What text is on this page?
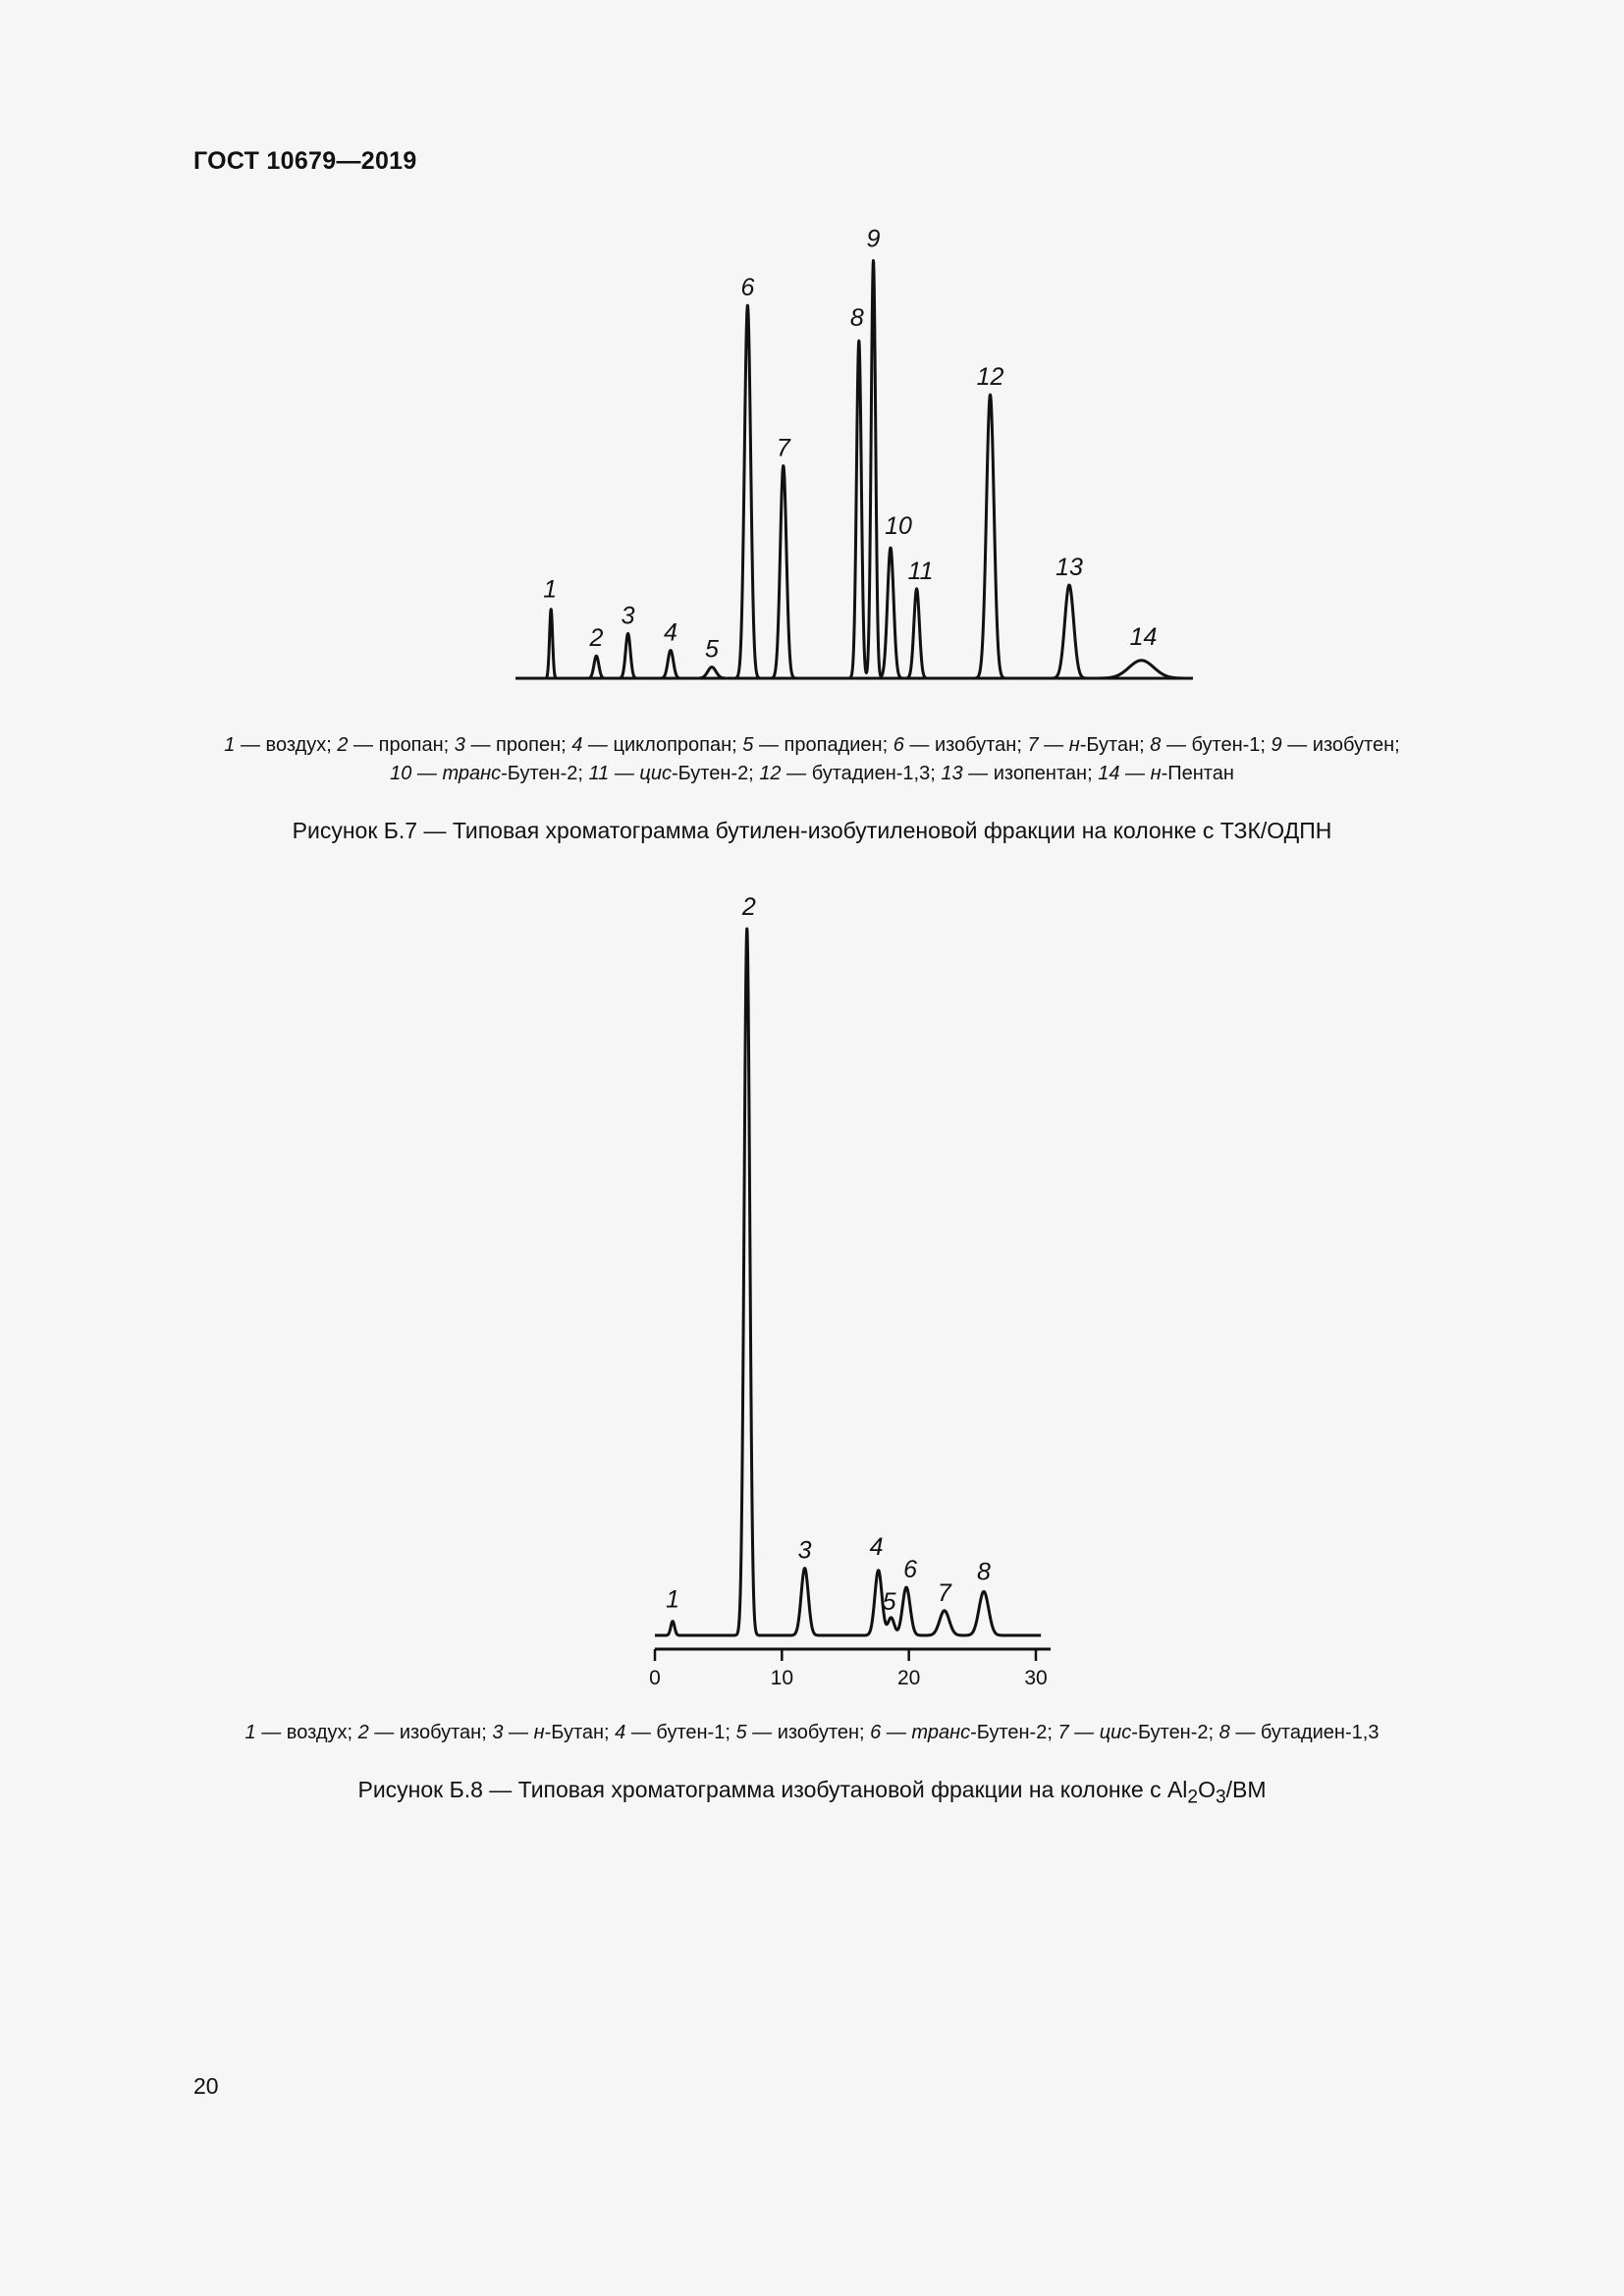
ГОСТ 10679—2019
1
2
3
4
5
6
7
8
9
10
11
12
13
14
1 — воздух; 2 — пропан; 3 — пропен; 4 — циклопропан; 5 — пропадиен; 6 — изобутан; 7 — н-Бутан; 8 — бутен-1; 9 — изобутен;
10 — транс-Бутен-2; 11 — цис-Бутен-2; 12 — бутадиен-1,3; 13 — изопентан; 14 — н-Пентан
Рисунок Б.7 — Типовая хроматограмма бутилен-изобутиленовой фракции на колонке с ТЗК/ОДПН
0	10	20	30
1
2
3 4
5
6
7
8
1 — воздух; 2 — изобутан; 3 — н-Бутан; 4 — бутен-1; 5 — изобутен; 6 — транс-Бутен-2; 7 — цис-Бутен-2; 8 — бутадиен-1,3
Рисунок Б.8 — Типовая хроматограмма изобутановой фракции на колонке с $Al_2O_3/BM$
20
